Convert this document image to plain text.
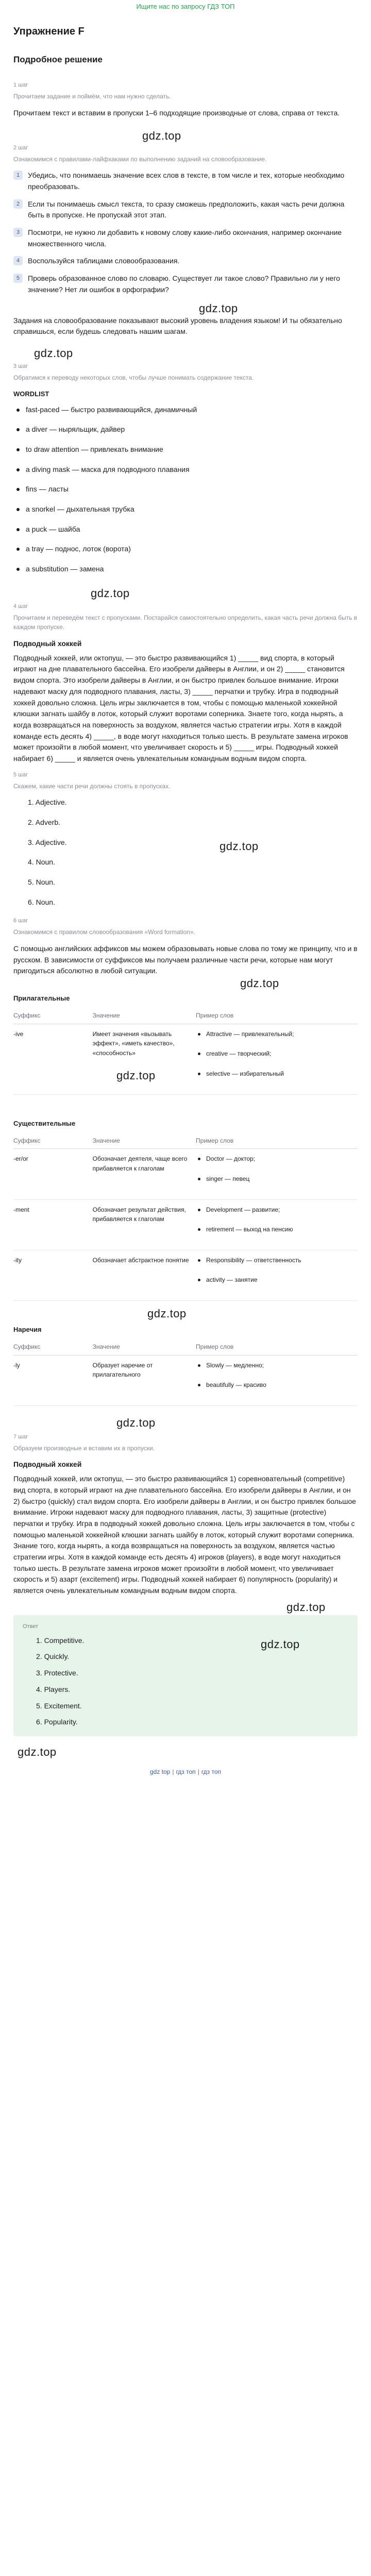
Ищите нас по запросу ГДЗ ТОП
Упражнение F
Подробное решение
1 шаг
Прочитаем задание и поймём, что нам нужно сделать.

Прочитаем текст и вставим в пропуски 1–6 подходящие производные от слова, справа от текста.

gdz.top
2 шаг
Ознакомимся с правилами-лайфхаками по выполнению заданий на словообразование.
1	Убедись, что понимаешь значение всех слов в тексте, в том числе и тех, которые необходимо преобразовать.
2	Если ты понимаешь смысл текста, то сразу сможешь предположить, какая часть речи должна быть в пропуске. Не пропускай этот этап.
3	Посмотри, не нужно ли добавить к новому слову какие-либо окончания, например окончание множественного числа.
4	Воспользуйся таблицами словообразования.
5	Проверь образованное слово по словарю. Существует ли такое слово? Правильно ли у него значение? Нет ли ошибок в орфографии?
gdz.top

Задания на словообразование показывают высокий уровень владения языком! И ты обязательно справишься, если будешь следовать нашим шагам.

gdz.top
3 шаг
Обратимся к переводу некоторых слов, чтобы лучше понимать содержание текста.
WORDLIST
fast-paced — быстро развивающийся, динамичный
a diver — ныряльщик, дайвер
to draw attention — привлекать внимание
a diving mask — маска для подводного плавания
fins — ласты
a snorkel — дыхательная трубка
a puck — шайба
a tray — поднос, лоток (ворота)
a substitution — замена
gdz.top
4 шаг
Прочитаем и переведём текст с пропусками. Постарайся самостоятельно определить, какая часть речи должна быть в каждом пропуске.
Подводный хоккей

Подводный хоккей, или октопуш, — это быстро развивающийся 1) _____ вид спорта, в который играют на дне плавательного бассейна. Его изобрели дайверы в Англии, и он 2) _____ становится видом спорта. Это изобрели дайверы в Англии, и он быстро привлек большое внимание. Игроки надевают маску для подводного плавания, ласты, 3) _____ перчатки и трубку. Игра в подводный хоккей довольно сложна. Цель игры заключается в том, чтобы с помощью маленькой хоккейной клюшки загнать шайбу в лоток, который служит воротами соперника. Знаете того, когда нырять, а когда возвращаться на поверхность за воздухом, является частью стратегии игры. Хотя в каждой команде есть десять 4) _____, в воде могут находиться только шесть. В результате замена игроков может произойти в любой момент, что увеличивает скорость и 5) _____ игры. Подводный хоккей набирает 6) _____ и является очень увлекательным командным водным видом спорта.

5 шаг
Скажем, какие части речи должны стоять в пропусках.
1. Adjective.
2. Adverb.
3. Adjective.
4. Noun.
5. Noun.
6. Noun.
gdz.top
6 шаг
Ознакомимся с правилом словообразования «Word formation».

С помощью английских аффиксов мы можем образовывать новые слова по тому же принципу, что и в русском. В зависимости от суффиксов мы получаем различные части речи, которые нам могут пригодиться абсолютно в любой ситуации.

gdz.top
Прилагательные
Суффикс	Значение	Пример слов
-ive	Имеет значения «вызывать эффект», «иметь качество», «способность»	Attractive — привлекательный;
creative — творческий;
selective — избирательный
gdz.top
Существительные
Суффикс	Значение	Пример слов
-er/or	Обозначает деятеля, чаще всего прибавляется к глаголам	Doctor — доктор;
singer — певец

-ment	Обозначает результат действия, прибавляется к глаголам	Development — развитие;
retirement — выход на пенсию

-ity	Обозначает абстрактное понятие	Responsibility — ответственность
activity — занятие
gdz.top
Наречия
Суффикс	Значение	Пример слов
-ly	Образует наречие от прилагательного	Slowly — медленно;
beautifully — красиво
gdz.top
7 шаг
Образуем производные и вставим их в пропуски.
Подводный хоккей

Подводный хоккей, или октопуш, — это быстро развивающийся 1) соревновательный (competitive) вид спорта, в который играют на дне плавательного бассейна. Его изобрели дайверы в Англии, и он 2) быстро (quickly) стал видом спорта. Его изобрели дайверы в Англии, и он быстро привлек большое внимание. Игроки надевают маску для подводного плавания, ласты, 3) защитные (protective) перчатки и трубку. Игра в подводный хоккей довольно сложна. Цель игры заключается в том, чтобы с помощью маленькой хоккейной клюшки загнать шайбу в лоток, который служит воротами соперника. Знание того, когда нырять, а когда возвращаться на поверхность за воздухом, является частью стратегии игры. Хотя в каждой команде есть десять 4) игроков (players), в воде могут находиться только шесть. В результате замена игроков может произойти в любой момент, что увеличивает скорость и 5) азарт (excitement) игры. Подводный хоккей набирает 6) популярность (popularity) и является очень увлекательным командным водным видом спорта.

gdz.top
Ответ
1. Competitive.
2. Quickly.
3. Protective.
4. Players.
5. Excitement.
6. Popularity.
gdz.top
gdz.top
gdz top | гдз топ | гдз топ
